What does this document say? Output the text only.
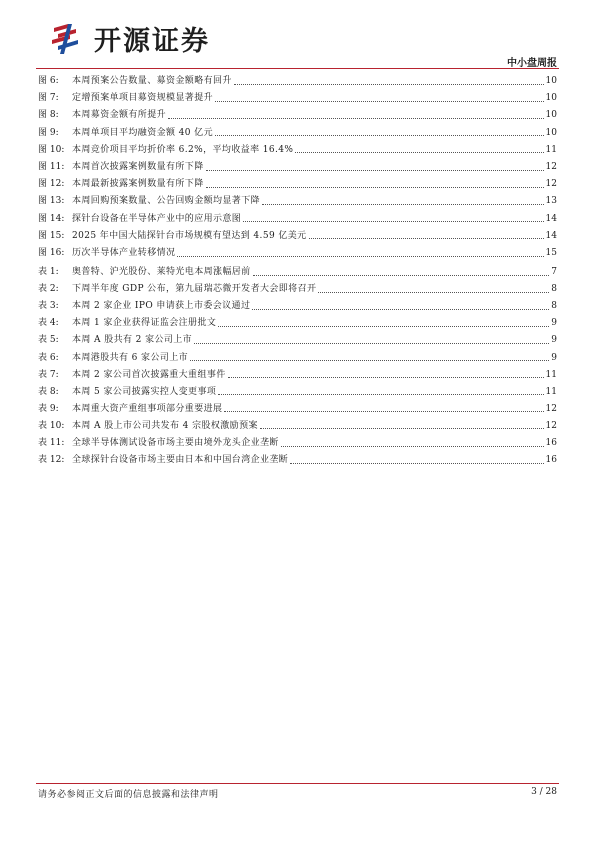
开源证券
中小盘周报
图 6:	本周预案公告数量、募资金额略有回升	10
图 7:	定增预案单项目募资规模显著提升	10
图 8:	本周募资金额有所提升	10
图 9:	本周单项目平均融资金额 40 亿元	10
图 10: 本周竞价项目平均折价率 6.2%，平均收益率 16.4%	11
图 11: 本周首次披露案例数量有所下降	12
图 12: 本周最新披露案例数量有所下降	12
图 13: 本周回购预案数量、公告回购金额均显著下降	13
图 14: 探针台设备在半导体产业中的应用示意图	14
图 15: 2025 年中国大陆探针台市场规模有望达到 4.59 亿美元	14
图 16: 历次半导体产业转移情况	15
表 1:	奥普特、沪光股份、莱特光电本周涨幅居前	7
表 2:	下周半年度 GDP 公布，第九届瑞芯微开发者大会即将召开	8
表 3:	本周 2 家企业 IPO 申请获上市委会议通过	8
表 4:	本周 1 家企业获得证监会注册批文	9
表 5:	本周 A 股共有 2 家公司上市	9
表 6:	本周港股共有 6 家公司上市	9
表 7:	本周 2 家公司首次披露重大重组事件	11
表 8:	本周 5 家公司披露实控人变更事项	11
表 9:	本周重大资产重组事项部分重要进展	12
表 10: 本周 A 股上市公司共发布 4 宗股权激励预案	12
表 11: 全球半导体测试设备市场主要由境外龙头企业垄断	16
表 12: 全球探针台设备市场主要由日本和中国台湾企业垄断	16
请务必参阅正文后面的信息披露和法律声明	3 / 28
